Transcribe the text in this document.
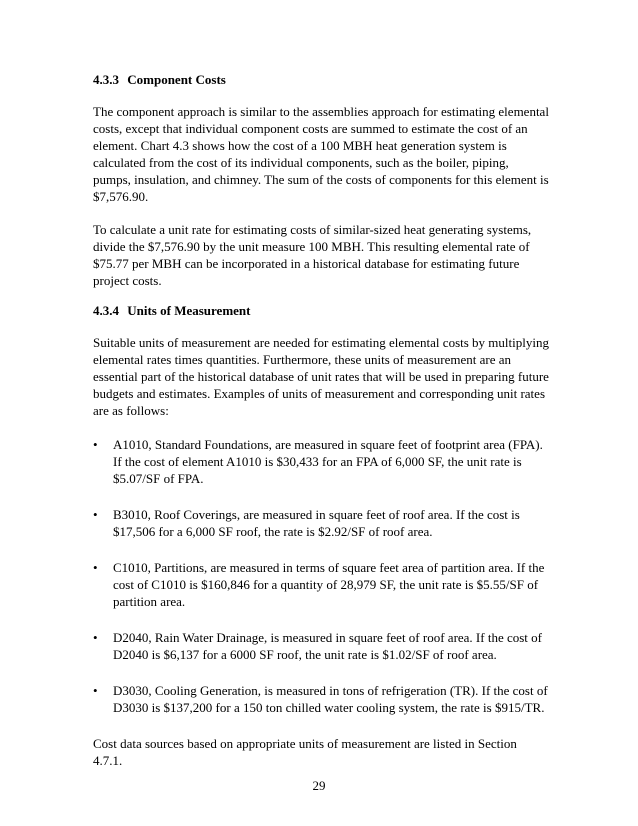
4.3.3 Component Costs

The component approach is similar to the assemblies approach for estimating elemental costs, except that individual component costs are summed to estimate the cost of an element. Chart 4.3 shows how the cost of a 100 MBH heat generation system is calculated from the cost of its individual components, such as the boiler, piping, pumps, insulation, and chimney. The sum of the costs of components for this element is $7,576.90.

To calculate a unit rate for estimating costs of similar-sized heat generating systems, divide the $7,576.90 by the unit measure 100 MBH. This resulting elemental rate of $75.77 per MBH can be incorporated in a historical database for estimating future project costs.

4.3.4 Units of Measurement

Suitable units of measurement are needed for estimating elemental costs by multiplying elemental rates times quantities. Furthermore, these units of measurement are an essential part of the historical database of unit rates that will be used in preparing future budgets and estimates. Examples of units of measurement and corresponding unit rates are as follows:

•	A1010, Standard Foundations, are measured in square feet of footprint area (FPA). If the cost of element A1010 is $30,433 for an FPA of 6,000 SF, the unit rate is $5.07/SF of FPA.
•	B3010, Roof Coverings, are measured in square feet of roof area. If the cost is $17,506 for a 6,000 SF roof, the rate is $2.92/SF of roof area.
•	C1010, Partitions, are measured in terms of square feet area of partition area. If the cost of C1010 is $160,846 for a quantity of 28,979 SF, the unit rate is $5.55/SF of partition area.
•	D2040, Rain Water Drainage, is measured in square feet of roof area. If the cost of D2040 is $6,137 for a 6000 SF roof, the unit rate is $1.02/SF of roof area.
•	D3030, Cooling Generation, is measured in tons of refrigeration (TR). If the cost of D3030 is $137,200 for a 150 ton chilled water cooling system, the rate is $915/TR.

Cost data sources based on appropriate units of measurement are listed in Section 4.7.1.

29
